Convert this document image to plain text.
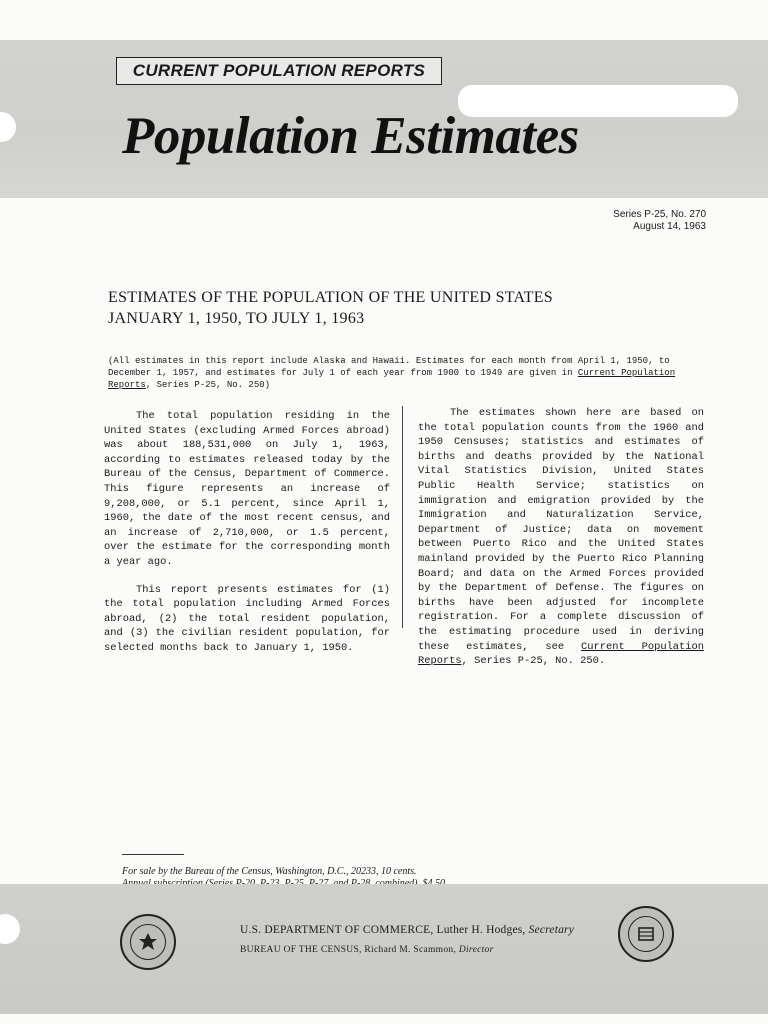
CURRENT POPULATION REPORTS
Population Estimates
Series P-25, No. 270
August 14, 1963
ESTIMATES OF THE POPULATION OF THE UNITED STATES
JANUARY 1, 1950, TO JULY 1, 1963
(All estimates in this report include Alaska and Hawaii. Estimates for each month from April 1, 1950, to December 1, 1957, and estimates for July 1 of each year from 1900 to 1949 are given in Current Population Reports, Series P-25, No. 250)

The total population residing in the United States (excluding Armed Forces abroad) was about 188,531,000 on July 1, 1963, according to estimates released today by the Bureau of the Census, Department of Commerce. This figure represents an increase of 9,208,000, or 5.1 percent, since April 1, 1960, the date of the most recent census, and an increase of 2,710,000, or 1.5 percent, over the estimate for the corresponding month a year ago.

This report presents estimates for (1) the total population including Armed Forces abroad, (2) the total resident population, and (3) the civilian resident population, for selected months back to January 1, 1950.

The estimates shown here are based on the total population counts from the 1960 and 1950 Censuses; statistics and estimates of births and deaths provided by the National Vital Statistics Division, United States Public Health Service; statistics on immigration and emigration provided by the Immigration and Naturalization Service, Department of Justice; data on movement between Puerto Rico and the United States mainland provided by the Puerto Rico Planning Board; and data on the Armed Forces provided by the Department of Defense. The figures on births have been adjusted for incomplete registration. For a complete discussion of the estimating procedure used in deriving these estimates, see Current Population Reports, Series P-25, No. 250.

For sale by the Bureau of the Census, Washington, D.C., 20233, 10 cents.
U.S. DEPARTMENT OF COMMERCE, Luther H. Hodges, Secretary
BUREAU OF THE CENSUS, Richard M. Scammon, Director
